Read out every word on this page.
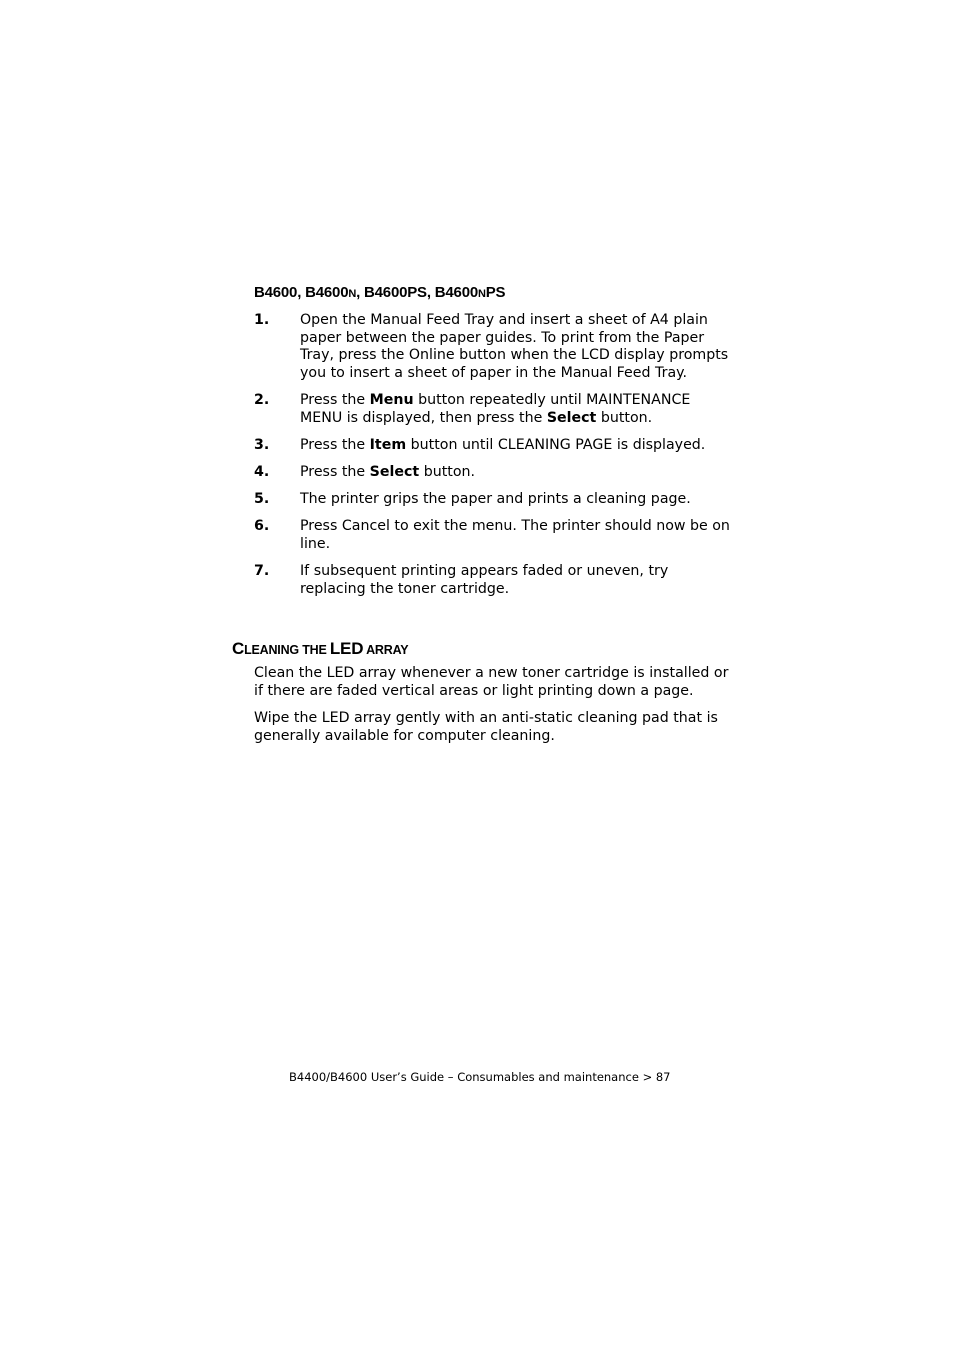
B4600, B4600N, B4600PS, B4600NPS
1.	Open the Manual Feed Tray and insert a sheet of A4 plain paper between the paper guides. To print from the Paper Tray, press the Online button when the LCD display prompts you to insert a sheet of paper in the Manual Feed Tray.
2.	Press the Menu button repeatedly until MAINTENANCE MENU is displayed, then press the Select button.
3.	Press the Item button until CLEANING PAGE is displayed.
4.	Press the Select button.
5.	The printer grips the paper and prints a cleaning page.
6.	Press Cancel to exit the menu. The printer should now be on line.
7.	If subsequent printing appears faded or uneven, try replacing the toner cartridge.
CLEANING THE LED ARRAY

Clean the LED array whenever a new toner cartridge is installed or if there are faded vertical areas or light printing down a page.

Wipe the LED array gently with an anti-static cleaning pad that is generally available for computer cleaning.

B4400/B4600 User’s Guide – Consumables and maintenance > 87
